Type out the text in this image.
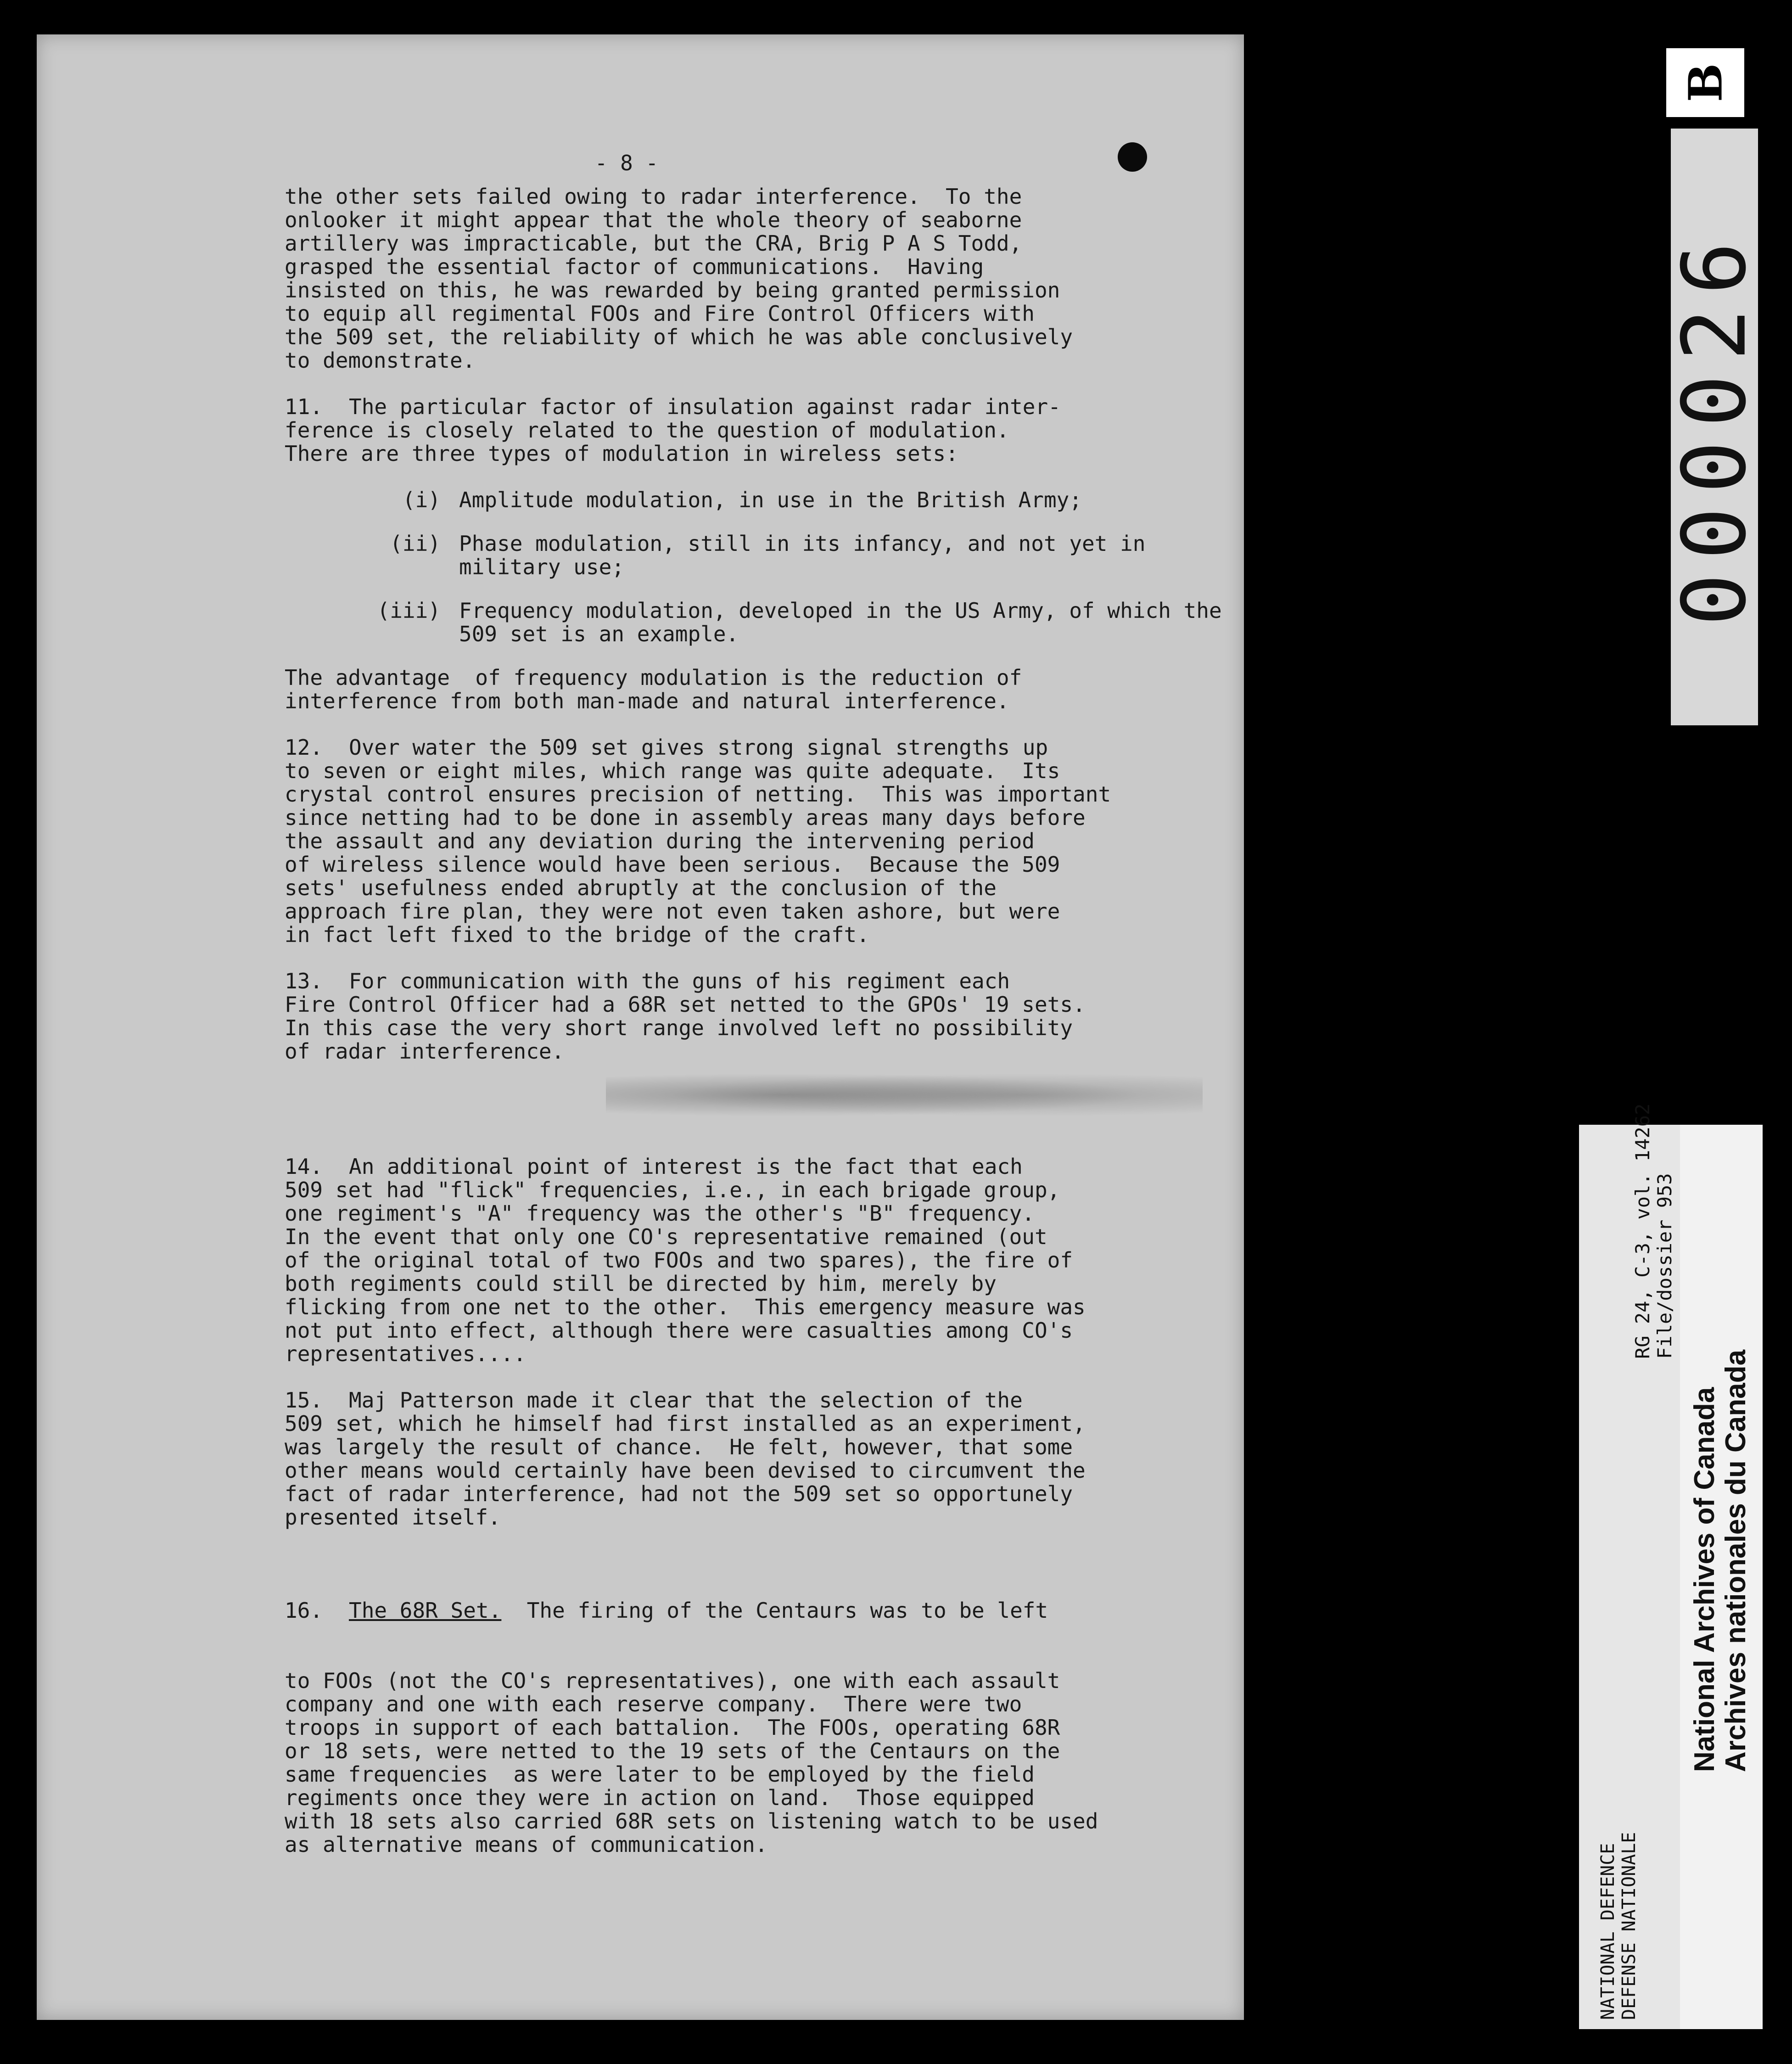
- 8 -
the other sets failed owing to radar interference.  To the
onlooker it might appear that the whole theory of seaborne
artillery was impracticable, but the CRA, Brig P A S Todd,
grasped the essential factor of communications.  Having
insisted on this, he was rewarded by being granted permission
to equip all regimental FOOs and Fire Control Officers with
the 509 set, the reliability of which he was able conclusively
to demonstrate.
11. The particular factor of insulation against radar inter-
ference is closely related to the question of modulation.
There are three types of modulation in wireless sets:
(i) Amplitude modulation, in use in the British Army;
(ii) Phase modulation, still in its infancy, and not yet in military use;
(iii) Frequency modulation, developed in the US Army, of which the 509 set is an example.
The advantage  of frequency modulation is the reduction of
interference from both man-made and natural interference.
12. Over water the 509 set gives strong signal strengths up
to seven or eight miles, which range was quite adequate.  Its
crystal control ensures precision of netting.  This was important
since netting had to be done in assembly areas many days before
the assault and any deviation during the intervening period
of wireless silence would have been serious.  Because the 509
sets' usefulness ended abruptly at the conclusion of the
approach fire plan, they were not even taken ashore, but were
in fact left fixed to the bridge of the craft.
13. For communication with the guns of his regiment each
Fire Control Officer had a 68R set netted to the GPOs' 19 sets.
In this case the very short range involved left no possibility
of radar interference.
14. An additional point of interest is the fact that each
509 set had "flick" frequencies, i.e., in each brigade group,
one regiment's "A" frequency was the other's "B" frequency.
In the event that only one CO's representative remained (out
of the original total of two FOOs and two spares), the fire of
both regiments could still be directed by him, merely by
flicking from one net to the other.  This emergency measure was
not put into effect, although there were casualties among CO's
representatives....
15. Maj Patterson made it clear that the selection of the
509 set, which he himself had first installed as an experiment,
was largely the result of chance.  He felt, however, that some
other means would certainly have been devised to circumvent the
fact of radar interference, had not the 509 set so opportunely
presented itself.

16. The 68R Set.  The firing of the Centaurs was to be left

to FOOs (not the CO's representatives), one with each assault
company and one with each reserve company.  There were two
troops in support of each battalion.  The FOOs, operating 68R
or 18 sets, were netted to the 19 sets of the Centaurs on the
same frequencies  as were later to be employed by the field
regiments once they were in action on land.  Those equipped
with 18 sets also carried 68R sets on listening watch to be used
as alternative means of communication.

B
000026
RG 24, C-3, vol. 14262 File/dossier 953
National Archives of Canada Archives nationales du Canada
NATIONAL DEFENCE DEFENSE NATIONALE
